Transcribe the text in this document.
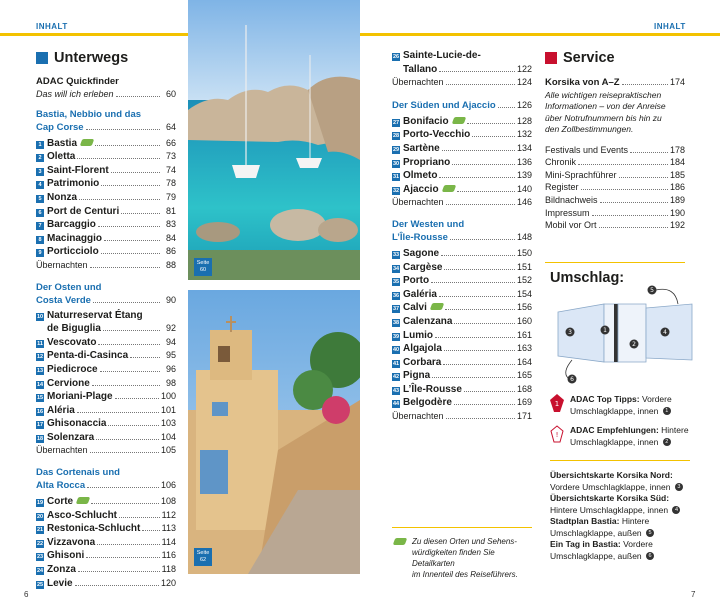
INHALT	INHALT
Unterwegs
ADAC Quickfinder
Das will ich erleben	60
Bastia, Nebbio und das
Cap Corse	64
1 Bastia	66
2 Oletta	73
3 Saint-Florent	74
4 Patrimonio	78
5 Nonza	79
6 Port de Centuri	81
7 Barcaggio	83
8 Macinaggio	84
9 Porticciolo	86
Übernachten	88
Der Osten und
Costa Verde	90
10 Naturreservat Étang
de Biguglia	92
11 Vescovato	94
12 Penta-di-Casinca	95
13 Piedicroce	96
14 Cervione	98
15 Moriani-Plage	100
16 Aléria	101
17 Ghisonaccia	103
18 Solenzara	104
Übernachten	105
Das Cortenais und
Alta Rocca	106
19 Corte	108
20 Asco-Schlucht	112
21 Restonica-Schlucht 113
22 Vizzavona	114
23 Ghisoni	116
24 Zonza	118
25 Levie	120
26 Sainte-Lucie-de-
Tallano	122
Übernachten	124
Der Süden und Ajaccio 126
27 Bonifacio	128
28 Porto-Vecchio	132
29 Sartène	134
30 Propriano	136
31 Olmeto	139
32 Ajaccio	140
Übernachten	146
Der Westen und
L’Île-Rousse	148
33 Sagone	150
34 Cargèse	151
35 Porto	152
36 Galéria	154
37 Calvi	156
38 Calenzana	160
39 Lumio	161
40 Algajola	163
41 Corbara	164
42 Pigna	165
43 L’Île-Rousse	168
44 Belgodère	169
Übernachten	171
Zu diesen Orten und Sehens-
würdigkeiten finden Sie Detailkarten
im Innenteil des Reiseführers.
Seite
60
Seite
62
Service
Korsika von A–Z	174
Alle wichtigen reisepraktischen
Informationen – von der Anreise
über Notrufnummern bis hin zu
den Zollbestimmungen.
Festivals und Events	178
Chronik	184
Mini-Sprachführer	185
Register	186
Bildnachweis	189
Impressum	190
Mobil vor Ort	192
Umschlag:
3	1
2
4
5
6
1 ADAC Top Tipps: Vordere
Umschlagklappe, innen 1
! ADAC Empfehlungen: Hintere
Umschlagklappe, innen 2
Übersichtskarte Korsika Nord:
Vordere Umschlagklappe, innen 3
Übersichtskarte Korsika Süd:
Hintere Umschlagklappe, innen 4
Stadtplan Bastia: Hintere
Umschlagklappe, außen 5
Ein Tag in Bastia: Vordere
Umschlagklappe, außen 6
6	7
